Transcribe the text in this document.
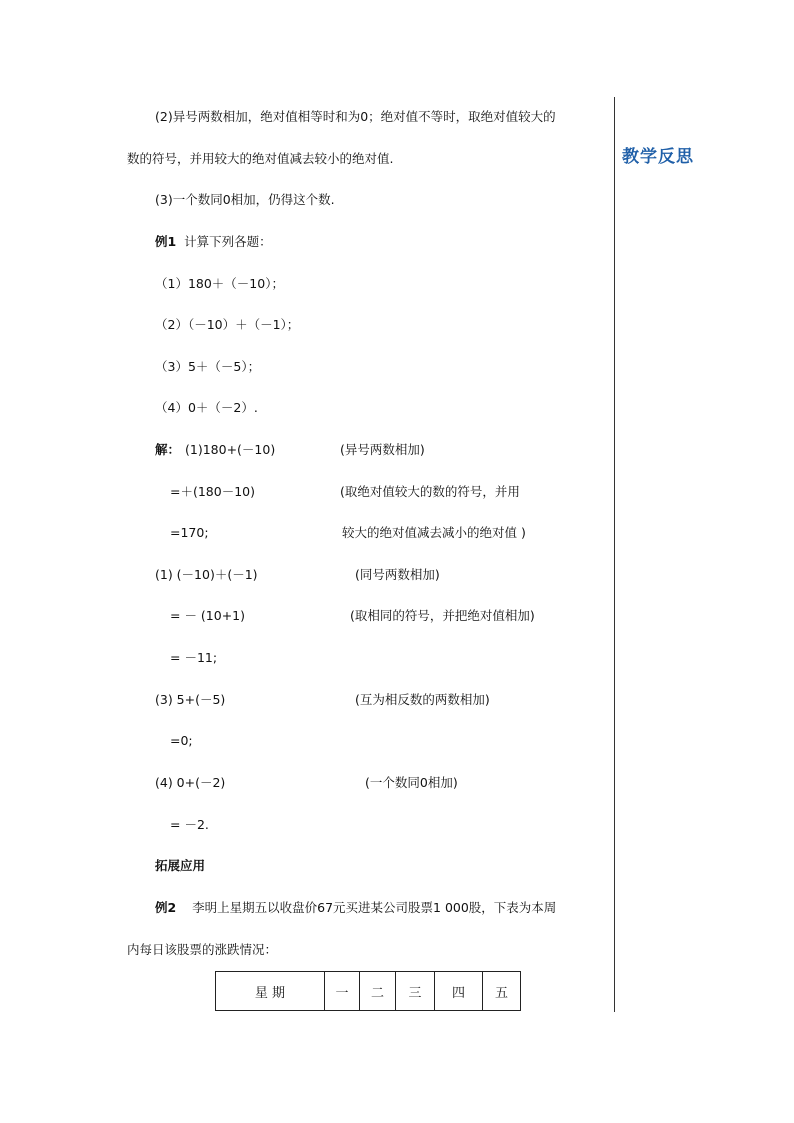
教学反思
(2)异号两数相加，绝对值相等时和为0；绝对值不等时，取绝对值较大的
数的符号，并用较大的绝对值减去较小的绝对值.
(3)一个数同0相加，仍得这个数.
例1 计算下列各题：
（1）180＋（－10）；
（2）（－10）＋（－1）；
（3）5＋（－5）；
（4）0＋（－2）.
解： (1)180+(－10)	(异号两数相加)
=＋(180－10)	(取绝对值较大的数的符号，并用
=170;	较大的绝对值减去减小的绝对值 )
(1) (－10)＋(－1)	(同号两数相加)
= － (10+1)	(取相同的符号，并把绝对值相加)
= －11;
(3) 5+(－5)	(互为相反数的两数相加)
=0;
(4) 0+(－2)	(一个数同0相加)
= －2.
拓展应用
例2 李明上星期五以收盘价67元买进某公司股票1 000股，下表为本周
内每日该股票的涨跌情况：
星 期	一	二	三	四	五
